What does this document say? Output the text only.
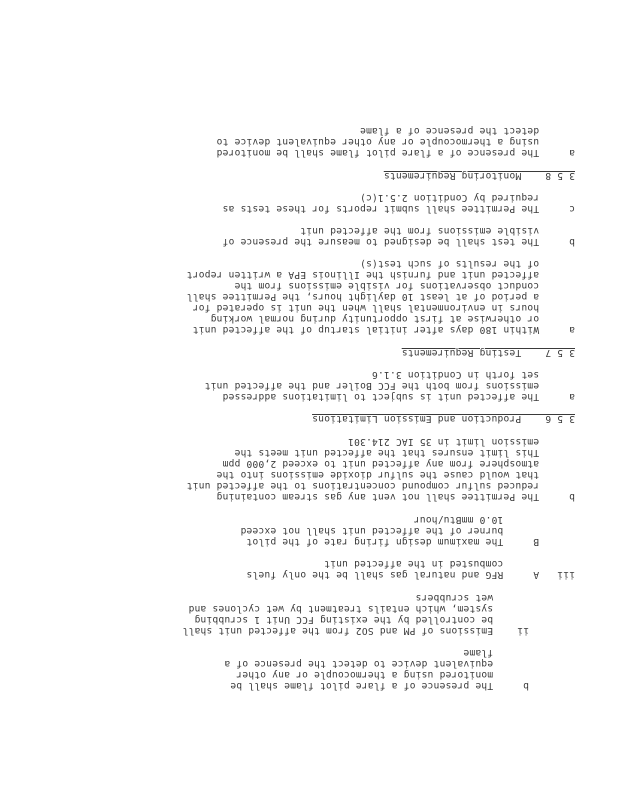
b     The presence of a flare pilot flame shall be
monitored using a thermocouple or any other
equivalent device to detect the presence of a
flame
ii    Emissions of PM and SO2 from the affected unit shall
be controlled by the existing FCC Unit 1 scrubbing
system, which entails treatment by wet cyclones and
wet scrubbers
iii   A     RFG and natural gas shall be the only fuels
combusted in the affected unit
B     The maximum design firing rate of the pilot
burner of the affected unit shall not exceed
10.0 mmBtu/hour
b     The Permittee shall not vent any gas stream containing
reduced sulfur compound concentrations to the affected unit
that would cause the sulfur dioxide emissions into the
atmosphere from any affected unit to exceed 2,000 ppm
This limit ensures that the affected unit meets the
emission limit in 35 IAC 214.301
3 5 6    Production and Emission Limitations
a     The affected unit is subject to limitations addressed
emissions from both the FCC Boiler and the affected unit
set forth in Condition 3.1.6
3 5 7    Testing Requirements
a     Within 180 days after initial startup of the affected unit
or otherwise at first opportunity during normal working
hours in environmental shall when the unit is operated for
a period of at least 10 daylight hours, the Permittee shall
conduct observations for visible emissions from the
affected unit and furnish the Illinois EPA a written report
of the results of such test(s)
b     The test shall be designed to measure the presence of
visible emissions from the affected unit
c     The Permittee shall submit reports for these tests as
required by Condition 2.5.1(c)
3 5 8    Monitoring Requirements
a     The presence of a flare pilot flame shall be monitored
using a thermocouple or any other equivalent device to
detect the presence of a flame
